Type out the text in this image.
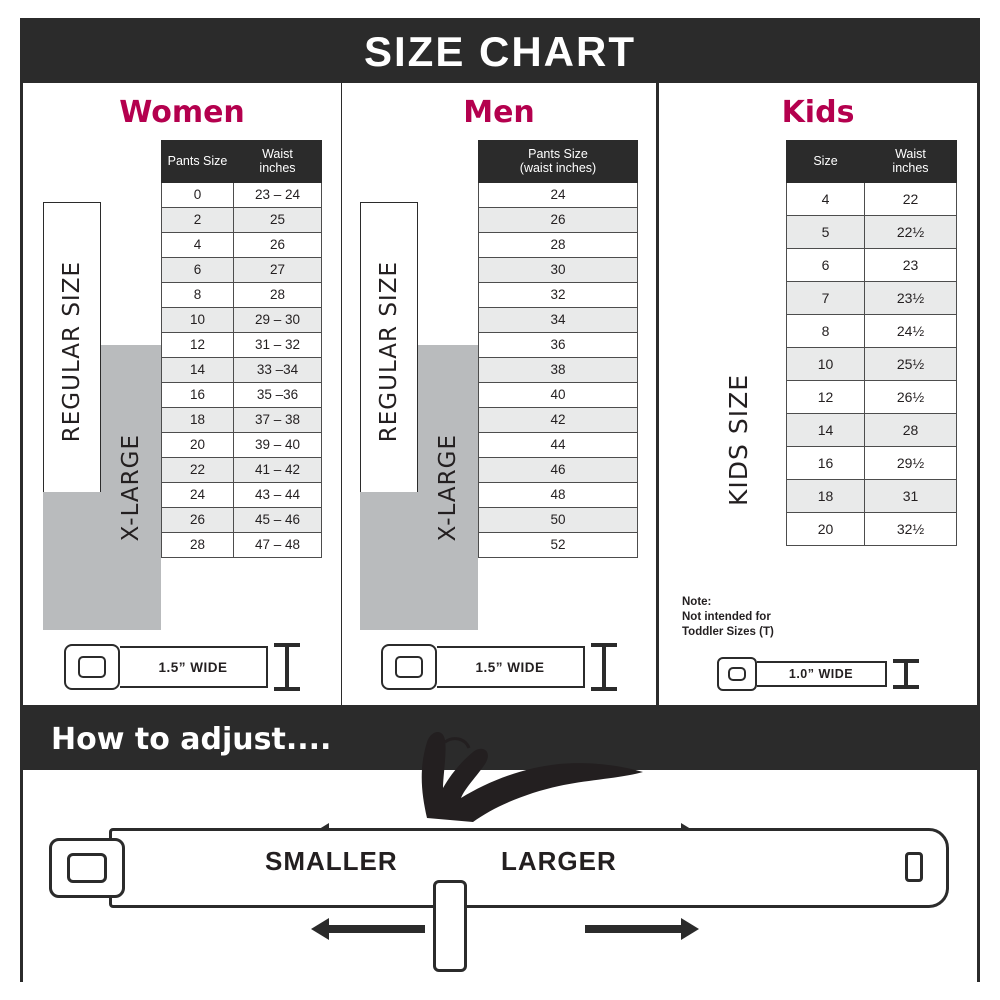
SIZE CHART
Women
REGULAR SIZE
X-LARGE
Pants Size	Waist
inches
0	23 – 24
2	25
4	26
6	27
8	28
10	29 – 30
12	31 – 32
14	33 –34
16	35 –36
18	37 – 38
20	39 – 40
22	41 – 42
24	43 – 44
26	45 – 46
28	47 – 48
1.5” WIDE
Men
REGULAR SIZE
X-LARGE
Pants Size
(waist inches)
24
26
28
30
32
34
36
38
40
42
44
46
48
50
52
1.5” WIDE
Kids
KIDS SIZE
Size	Waist
inches
4	22
5	22½
6	23
7	23½
8	24½
10	25½
12	26½
14	28
16	29½
18	31
20	32½
Note:
Not intended for
Toddler Sizes (T)
1.0” WIDE
How to adjust....
SMALLER	LARGER
